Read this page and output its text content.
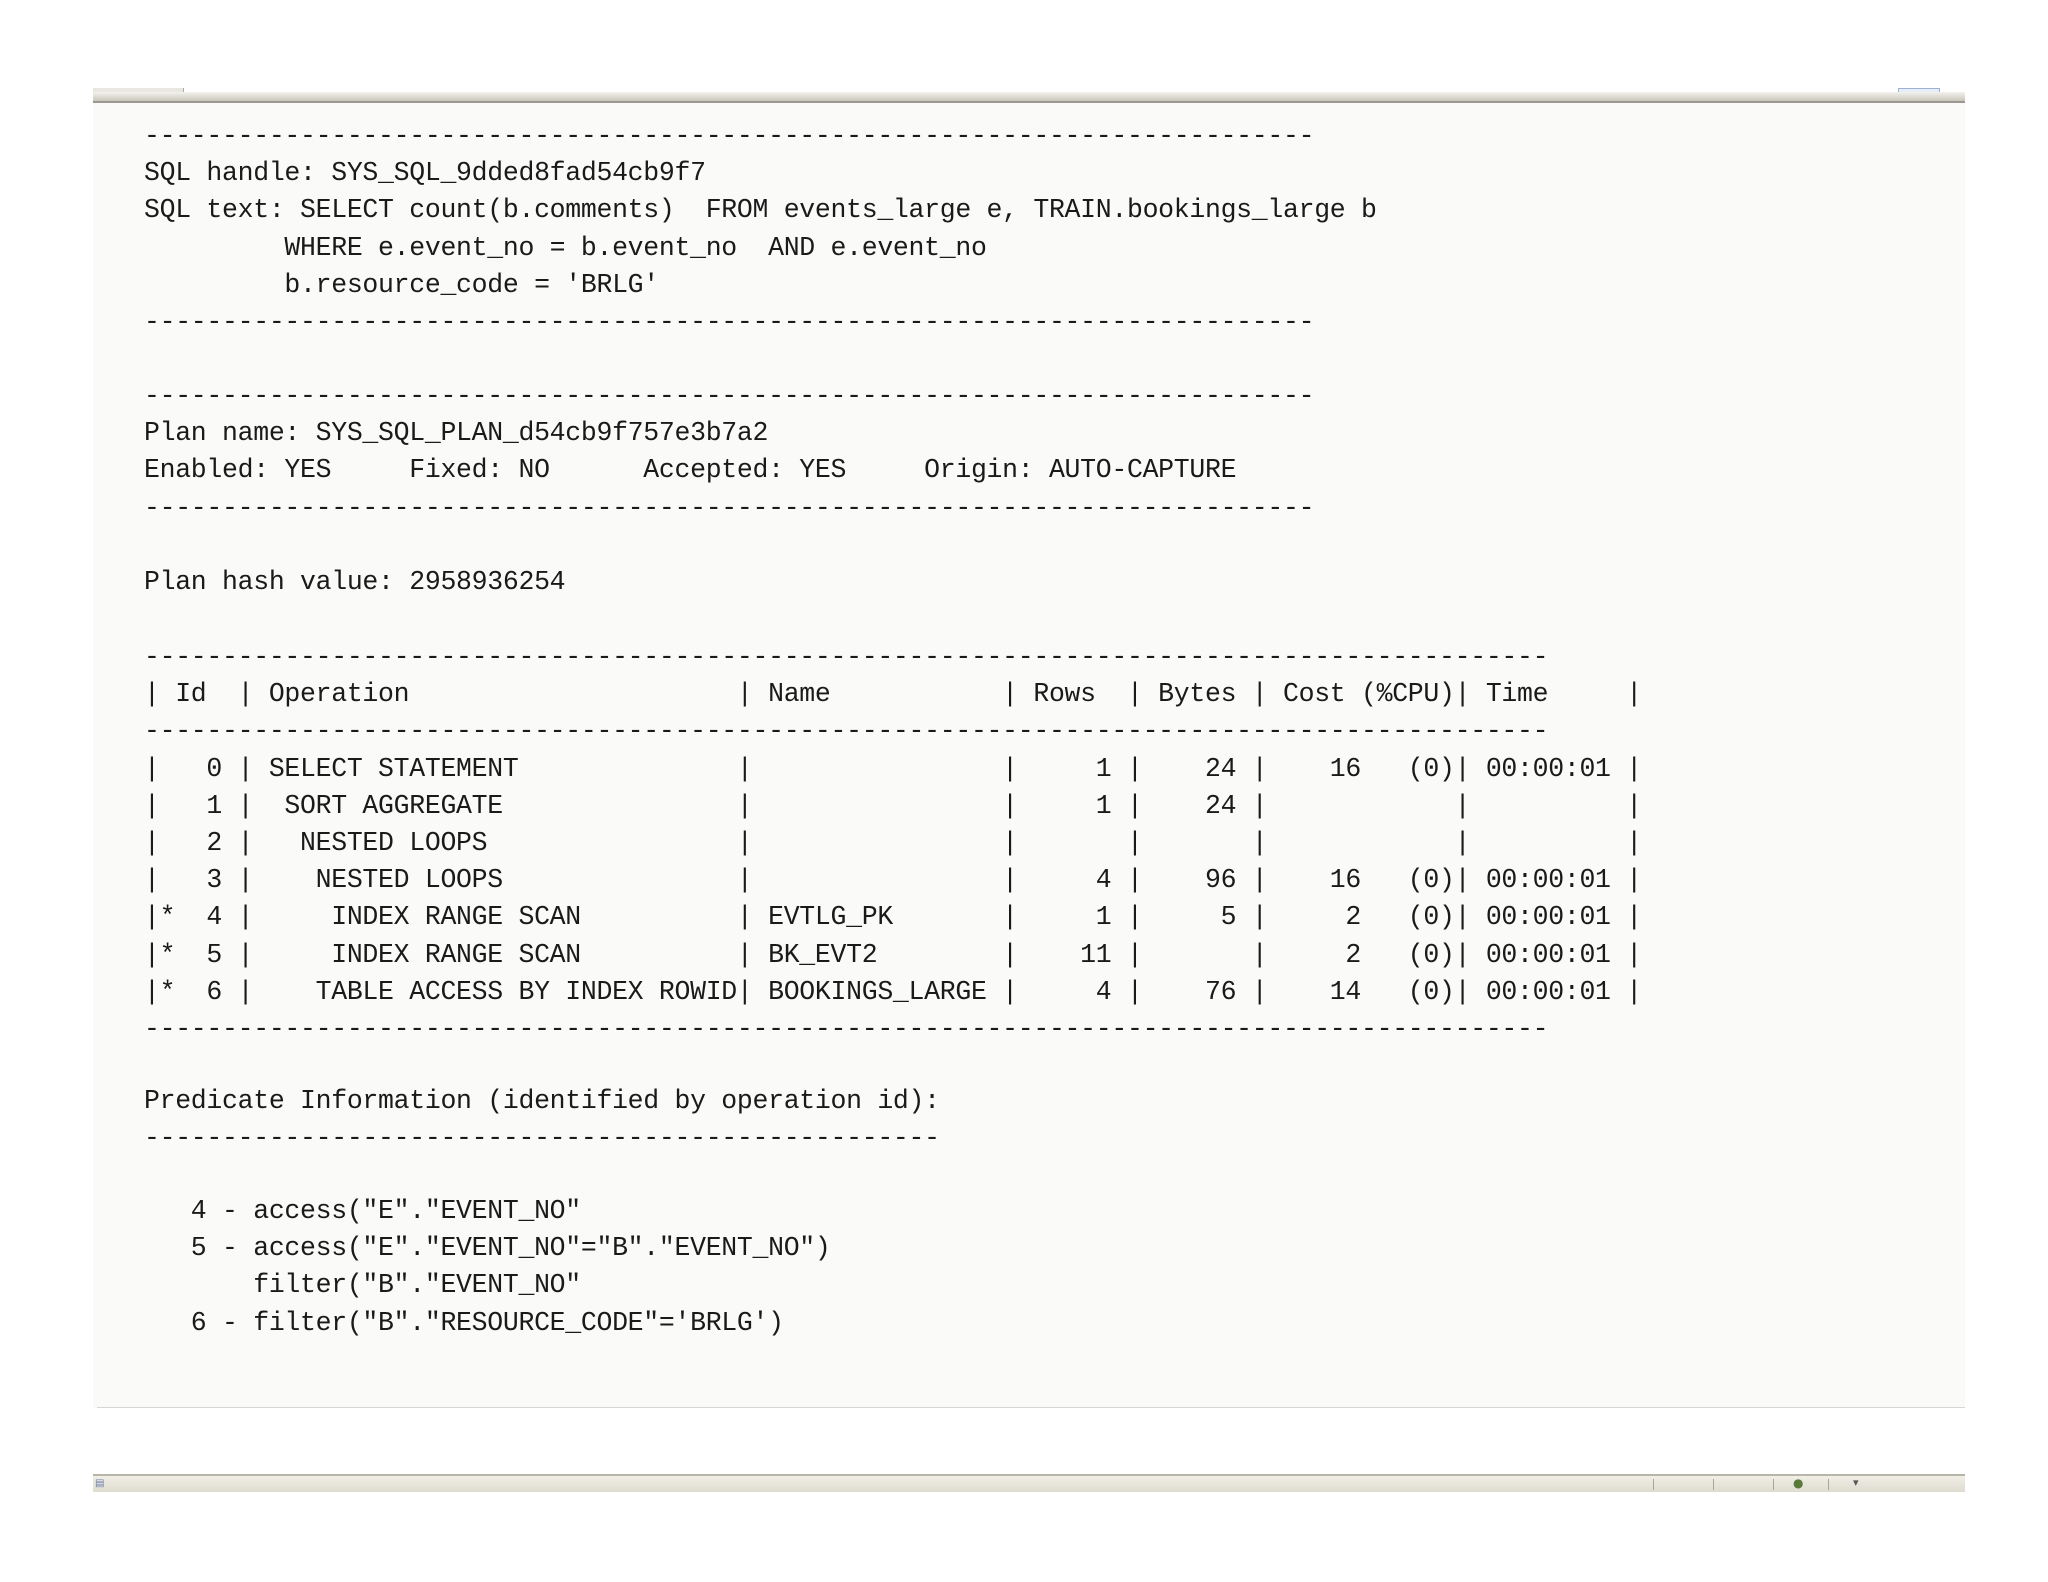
---------------------------------------------------------------------------
SQL handle: SYS_SQL_9dded8fad54cb9f7
SQL text: SELECT count(b.comments)  FROM events_large e, TRAIN.bookings_large b
WHERE e.event_no = b.event_no  AND e.event_no
b.resource_code = 'BRLG'
---------------------------------------------------------------------------
---------------------------------------------------------------------------
Plan name: SYS_SQL_PLAN_d54cb9f757e3b7a2
Enabled: YES     Fixed: NO      Accepted: YES     Origin: AUTO-CAPTURE
---------------------------------------------------------------------------
Plan hash value: 2958936254
------------------------------------------------------------------------------------------
| Id  | Operation                     | Name           | Rows  | Bytes | Cost (%CPU)| Time     |
------------------------------------------------------------------------------------------
|   0 | SELECT STATEMENT              |                |     1 |    24 |    16   (0)| 00:00:01 |
|   1 |  SORT AGGREGATE               |                |     1 |    24 |            |          |
|   2 |   NESTED LOOPS                |                |       |       |            |          |
|   3 |    NESTED LOOPS               |                |     4 |    96 |    16   (0)| 00:00:01 |
|*  4 |     INDEX RANGE SCAN          | EVTLG_PK       |     1 |     5 |     2   (0)| 00:00:01 |
|*  5 |     INDEX RANGE SCAN          | BK_EVT2        |    11 |       |     2   (0)| 00:00:01 |
|*  6 |    TABLE ACCESS BY INDEX ROWID| BOOKINGS_LARGE |     4 |    76 |    14   (0)| 00:00:01 |
------------------------------------------------------------------------------------------
Predicate Information (identified by operation id):
---------------------------------------------------
4 - access("E"."EVENT_NO"
5 - access("E"."EVENT_NO"="B"."EVENT_NO")
filter("B"."EVENT_NO"
6 - filter("B"."RESOURCE_CODE"='BRLG')
▤	●	▾
